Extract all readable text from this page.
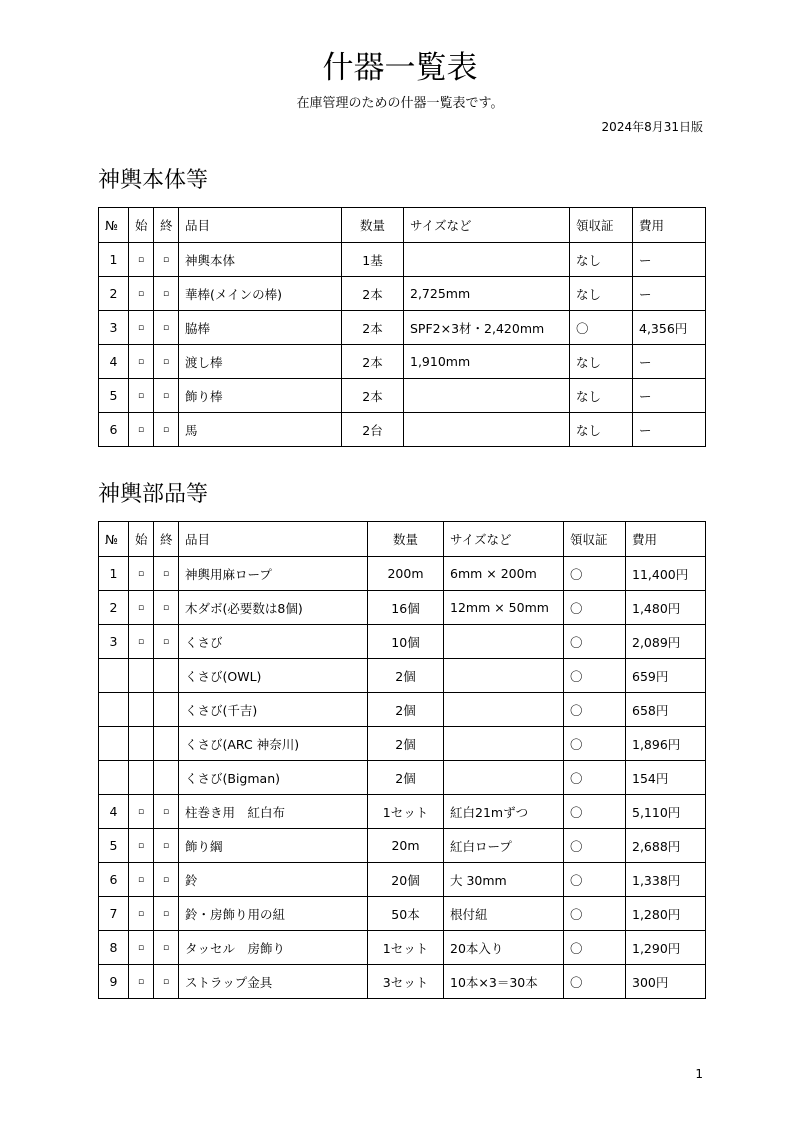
什器一覧表
在庫管理のための什器一覧表です。
2024年8月31日版
神輿本体等
№	始	終	品目	数量	サイズなど	領収証	費用
1	▫	▫	神輿本体	1基		なし	ー
2	▫	▫	華棒(メインの棒)	2本	2,725mm	なし	ー
3	▫	▫	脇棒	2本	SPF2×3材・2,420mm	〇	4,356円
4	▫	▫	渡し棒	2本	1,910mm	なし	ー
5	▫	▫	飾り棒	2本		なし	ー
6	▫	▫	馬	2台		なし	ー
神輿部品等
№	始	終	品目	数量	サイズなど	領収証	費用
1	▫	▫	神輿用麻ロープ	200m	6mm × 200m	〇	11,400円
2	▫	▫	木ダボ(必要数は8個)	16個	12mm × 50mm	〇	1,480円
3	▫	▫	くさび	10個		〇	2,089円
			くさび(OWL)	2個		〇	659円
			くさび(千吉)	2個		〇	658円
			くさび(ARC 神奈川)	2個		〇	1,896円
			くさび(Bigman)	2個		〇	154円
4	▫	▫	柱巻き用　紅白布	1セット	紅白21mずつ	〇	5,110円
5	▫	▫	飾り綱	20m	紅白ロープ	〇	2,688円
6	▫	▫	鈴	20個	大 30mm	〇	1,338円
7	▫	▫	鈴・房飾り用の紐	50本	根付紐	〇	1,280円
8	▫	▫	タッセル　房飾り	1セット	20本入り	〇	1,290円
9	▫	▫	ストラップ金具	3セット	10本×3＝30本	〇	300円
1
